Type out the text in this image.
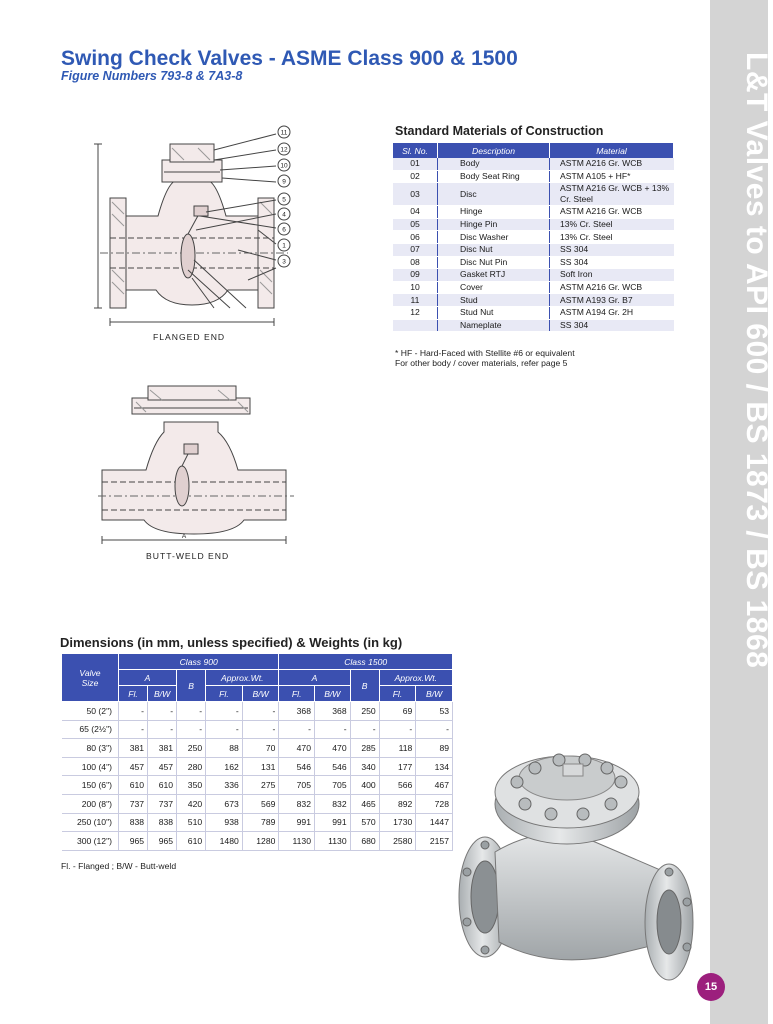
L&T Valves to API 600 / BS 1873 / BS 1868
Swing Check Valves - ASME Class 900 & 1500
Figure Numbers 793-8 & 7A3-8
11
12
10
9
5
4
6
1
3
FLANGED END
A
BUTT-WELD END
Standard Materials of Construction
Sl. No.	Description	Material
01	Body	ASTM A216 Gr. WCB
02	Body Seat Ring	ASTM A105 + HF*
03	Disc	ASTM A216 Gr. WCB + 13% Cr. Steel
04	Hinge	ASTM A216 Gr. WCB
05	Hinge Pin	13% Cr. Steel
06	Disc Washer	13% Cr. Steel
07	Disc Nut	SS 304
08	Disc Nut Pin	SS 304
09	Gasket RTJ	Soft Iron
10	Cover	ASTM A216 Gr. WCB
11	Stud	ASTM A193 Gr. B7
12	Stud Nut	ASTM A194 Gr. 2H
	Nameplate	SS 304
* HF - Hard-Faced with Stellite #6 or equivalent
For other body / cover materials, refer page 5
Dimensions (in mm, unless specified) & Weights (in kg)
Valve
Size	Class 900					Class 1500				
	A		B	Approx.Wt.		A		B	Approx.Wt.	
	Fl.	B/W		Fl.	B/W	Fl.	B/W		Fl.	B/W
50 (2")	-	-	-	-	-	368	368	250	69	53
65 (2½")	-	-	-	-	-	-	-	-	-	-
80 (3")	381	381	250	88	70	470	470	285	118	89
100 (4")	457	457	280	162	131	546	546	340	177	134
150 (6")	610	610	350	336	275	705	705	400	566	467
200 (8")	737	737	420	673	569	832	832	465	892	728
250 (10")	838	838	510	938	789	991	991	570	1730	1447
300 (12")	965	965	610	1480	1280	1130	1130	680	2580	2157
Fl. - Flanged ; B/W - Butt-weld
15
